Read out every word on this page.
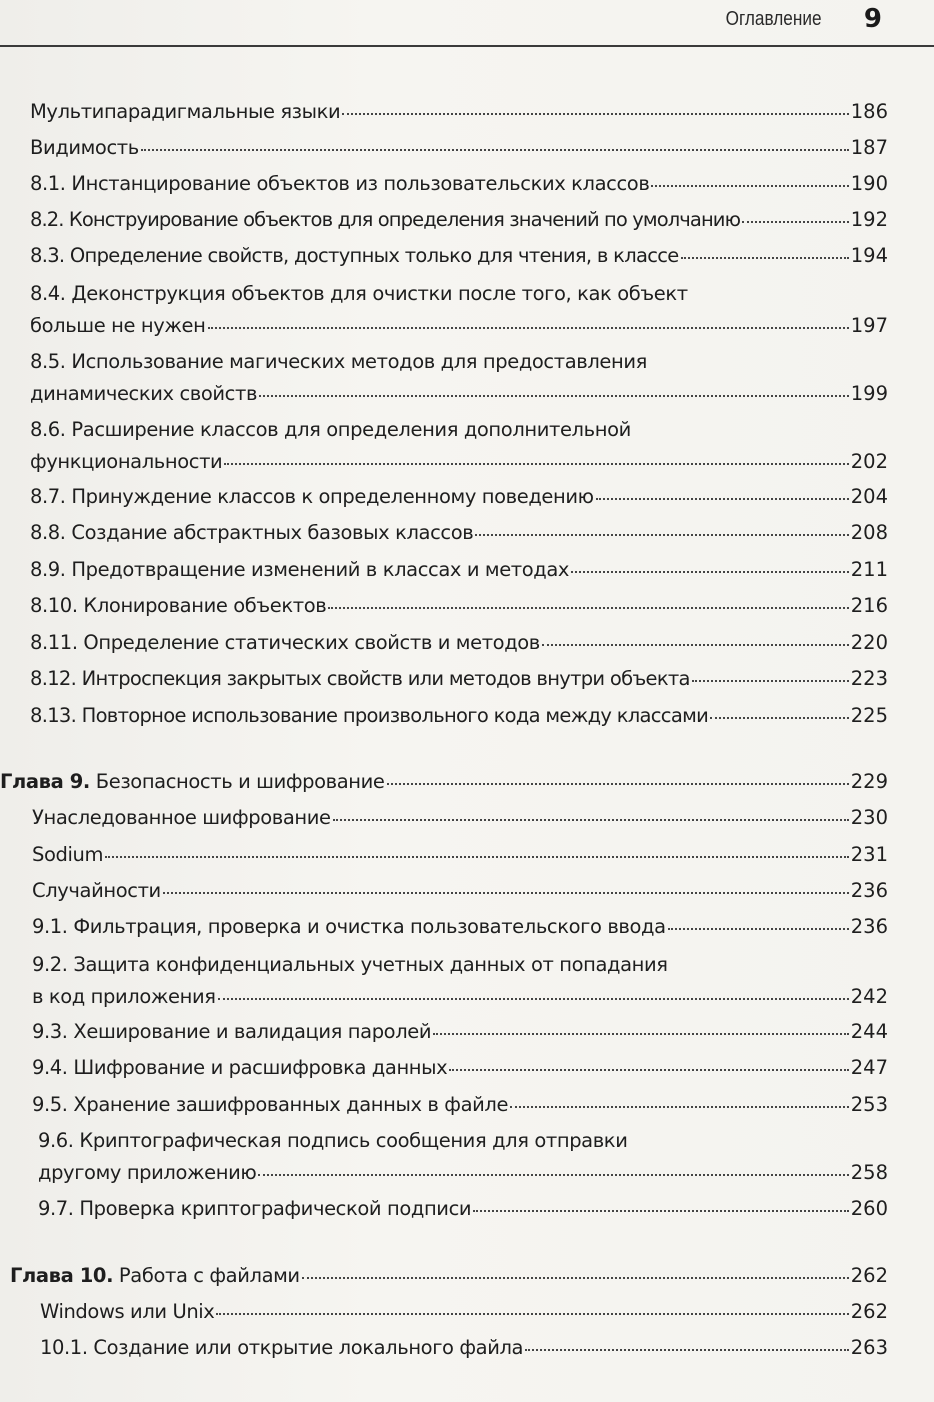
Оглавление 9
Мультипарадигмальные языки	186
Видимость	187
8.1. Инстанцирование объектов из пользовательских классов	190
8.2. Конструирование объектов для определения значений по умолчанию	192
8.3. Определение свойств, доступных только для чтения, в классе	194
8.4. Деконструкция объектов для очистки после того, как объект
больше не нужен	197
8.5. Использование магических методов для предоставления
динамических свойств	199
8.6. Расширение классов для определения дополнительной
функциональности	202
8.7. Принуждение классов к определенному поведению	204
8.8. Создание абстрактных базовых классов	208
8.9. Предотвращение изменений в классах и методах	211
8.10. Клонирование объектов	216
8.11. Определение статических свойств и методов	220
8.12. Интроспекция закрытых свойств или методов внутри объекта	223
8.13. Повторное использование произвольного кода между классами	225
Глава 9. Безопасность и шифрование	229
Унаследованное шифрование	230
Sodium	231
Случайности	236
9.1. Фильтрация, проверка и очистка пользовательского ввода	236
9.2. Защита конфиденциальных учетных данных от попадания
в код приложения	242
9.3. Хеширование и валидация паролей	244
9.4. Шифрование и расшифровка данных	247
9.5. Хранение зашифрованных данных в файле	253
9.6. Криптографическая подпись сообщения для отправки
другому приложению	258
9.7. Проверка криптографической подписи	260
Глава 10. Работа с файлами	262
Windows или Unix	262
10.1. Создание или открытие локального файла	263
